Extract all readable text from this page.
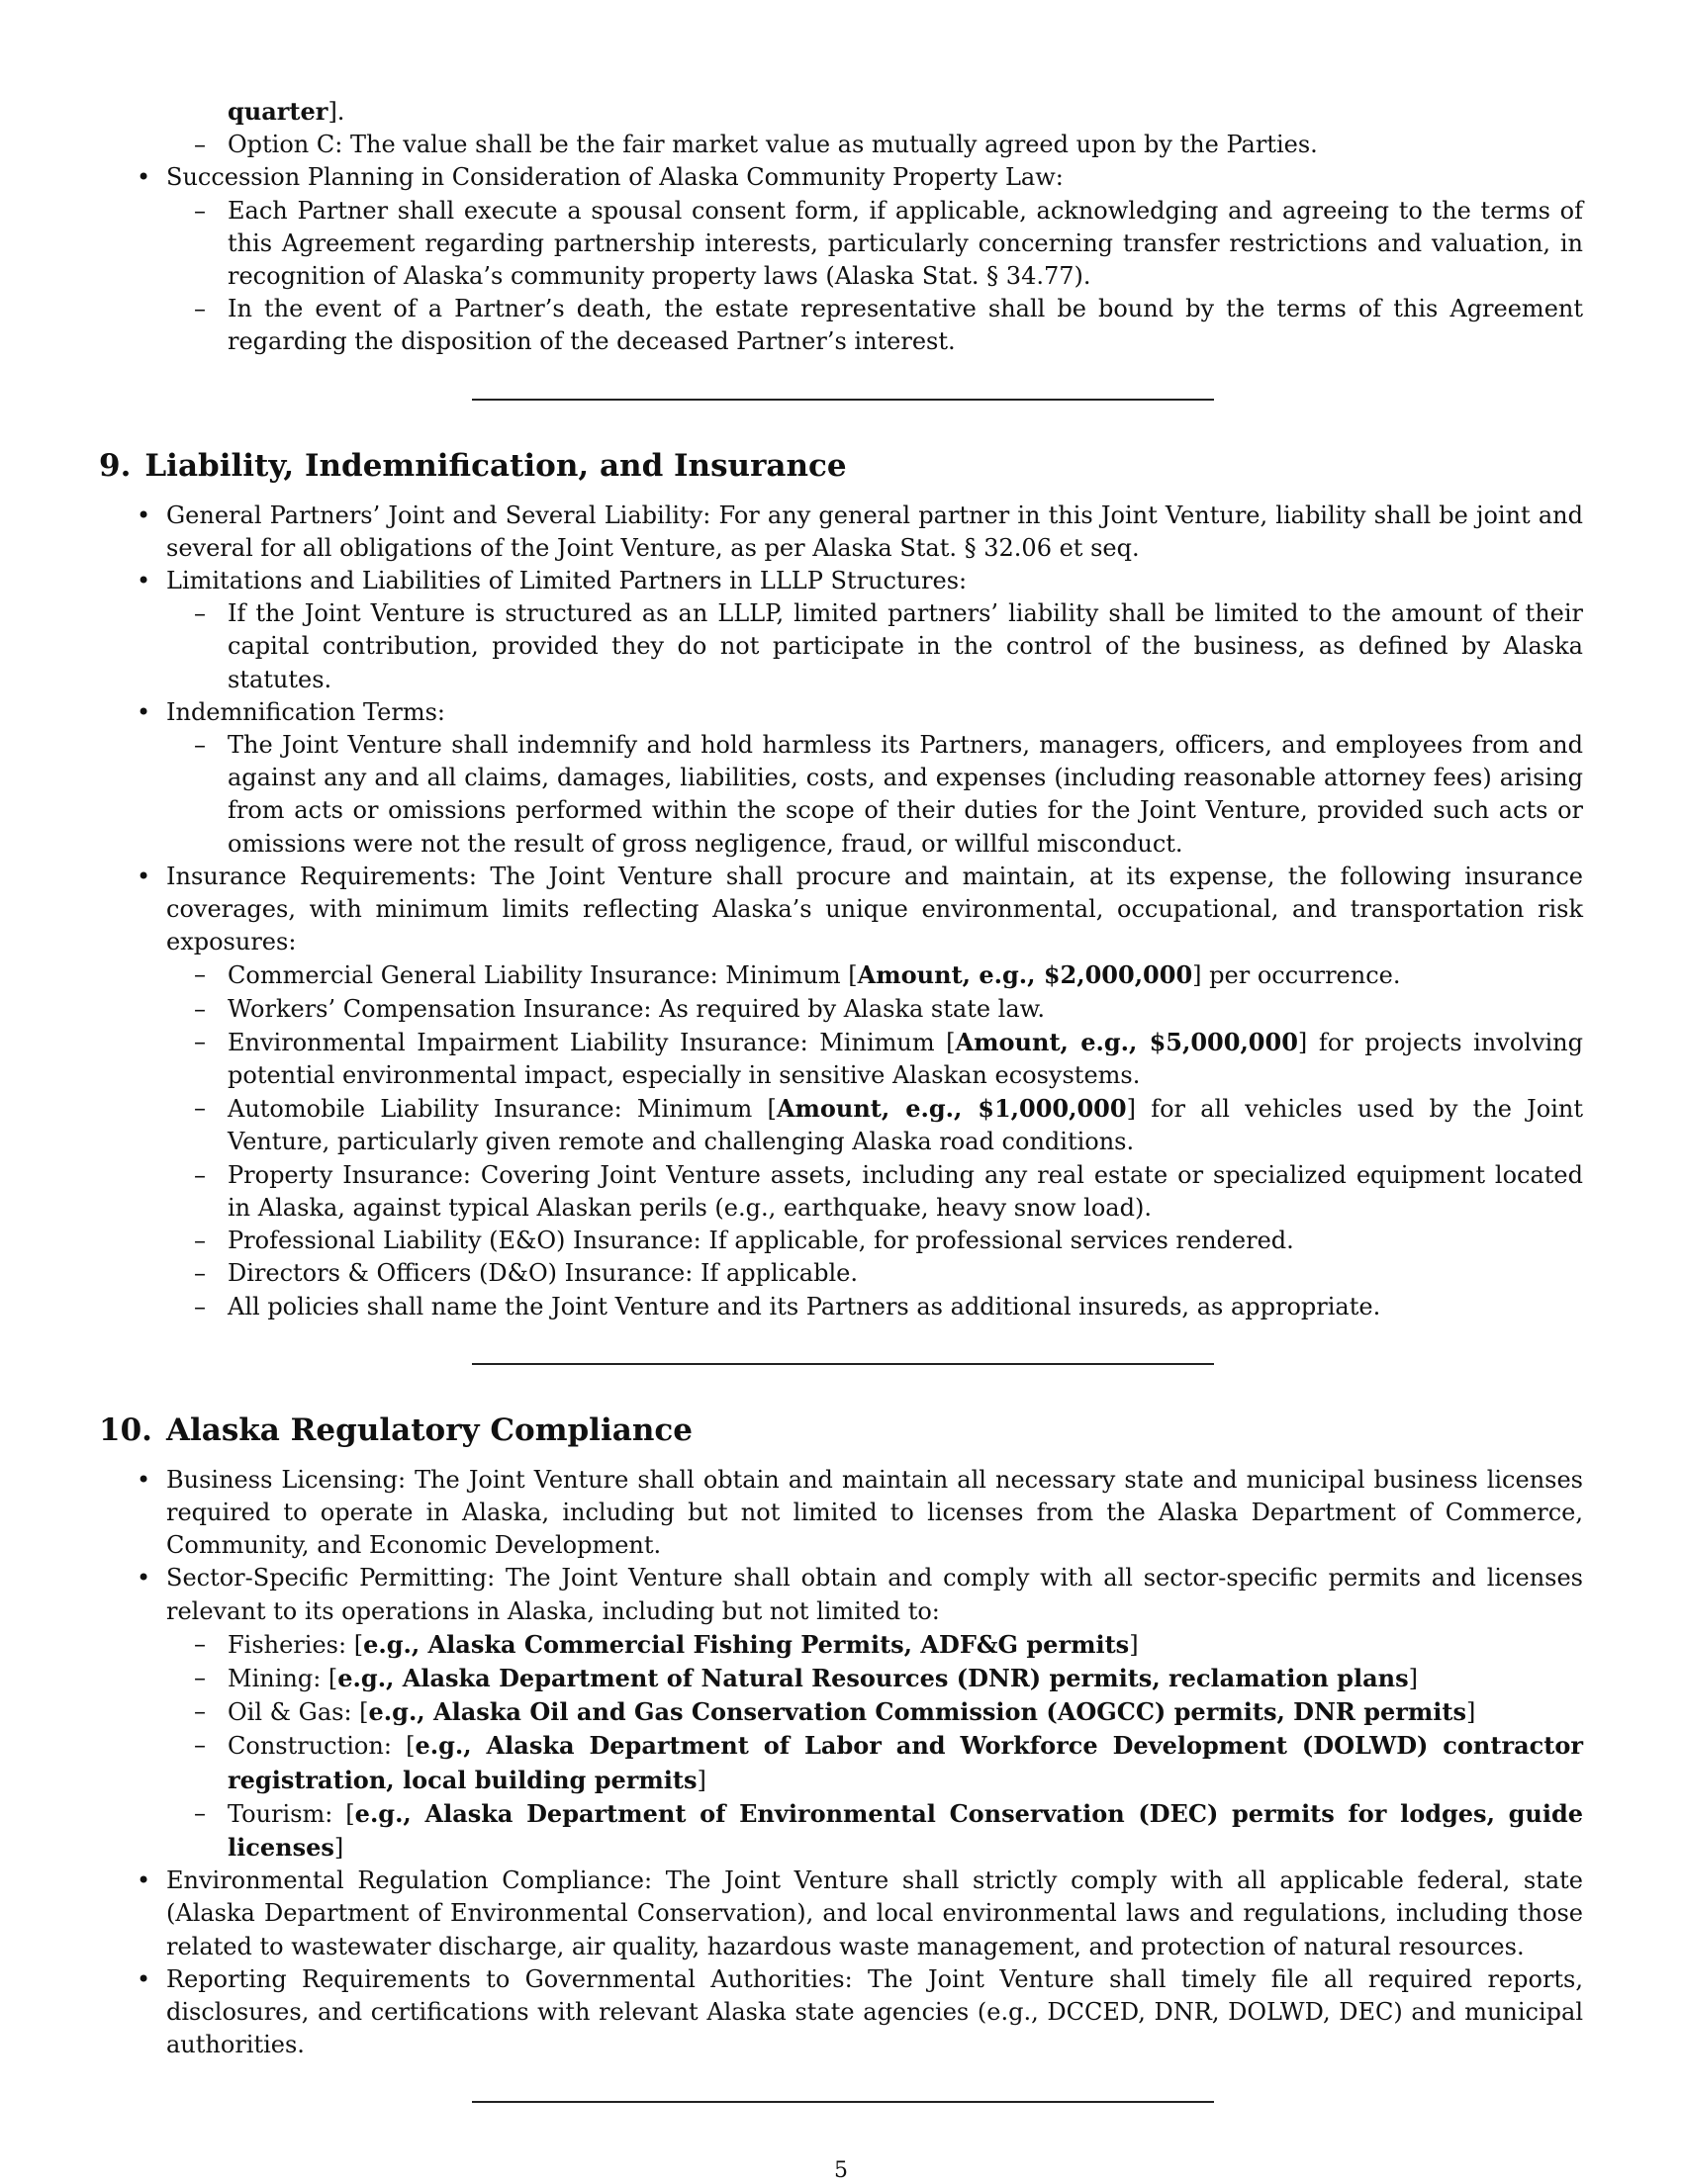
quarter].
– Option C: The value shall be the fair market value as mutually agreed upon by the Parties.
• Succession Planning in Consideration of Alaska Community Property Law:
– Each Partner shall execute a spousal consent form, if applicable, acknowledging and agreeing to the terms of this Agreement regarding partnership interests, particularly concerning transfer restrictions and valuation, in recognition of Alaska’s community property laws (Alaska Stat. § 34.77).
– In the event of a Partner’s death, the estate representative shall be bound by the terms of this Agreement regarding the disposition of the deceased Partner’s interest.
9. Liability, Indemnification, and Insurance
• General Partners’ Joint and Several Liability: For any general partner in this Joint Venture, liability shall be joint and several for all obligations of the Joint Venture, as per Alaska Stat. § 32.06 et seq.
• Limitations and Liabilities of Limited Partners in LLLP Structures:
– If the Joint Venture is structured as an LLLP, limited partners’ liability shall be limited to the amount of their capital contribution, provided they do not participate in the control of the business, as defined by Alaska statutes.
• Indemnification Terms:
– The Joint Venture shall indemnify and hold harmless its Partners, managers, officers, and employees from and against any and all claims, damages, liabilities, costs, and expenses (including reasonable attorney fees) arising from acts or omissions performed within the scope of their duties for the Joint Venture, provided such acts or omissions were not the result of gross negligence, fraud, or willful misconduct.
• Insurance Requirements: The Joint Venture shall procure and maintain, at its expense, the following insurance coverages, with minimum limits reflecting Alaska’s unique environmental, occupational, and transportation risk exposures:
– Commercial General Liability Insurance: Minimum [Amount, e.g., $2,000,000] per occurrence.
– Workers’ Compensation Insurance: As required by Alaska state law.
– Environmental Impairment Liability Insurance: Minimum [Amount, e.g., $5,000,000] for projects involving potential environmental impact, especially in sensitive Alaskan ecosystems.
– Automobile Liability Insurance: Minimum [Amount, e.g., $1,000,000] for all vehicles used by the Joint Venture, particularly given remote and challenging Alaska road conditions.
– Property Insurance: Covering Joint Venture assets, including any real estate or specialized equipment located in Alaska, against typical Alaskan perils (e.g., earthquake, heavy snow load).
– Professional Liability (E&O) Insurance: If applicable, for professional services rendered.
– Directors & Officers (D&O) Insurance: If applicable.
– All policies shall name the Joint Venture and its Partners as additional insureds, as appropriate.
10. Alaska Regulatory Compliance
• Business Licensing: The Joint Venture shall obtain and maintain all necessary state and municipal business licenses required to operate in Alaska, including but not limited to licenses from the Alaska Department of Commerce, Community, and Economic Development.
• Sector-Specific Permitting: The Joint Venture shall obtain and comply with all sector-specific permits and licenses relevant to its operations in Alaska, including but not limited to:
– Fisheries: [e.g., Alaska Commercial Fishing Permits, ADF&G permits]
– Mining: [e.g., Alaska Department of Natural Resources (DNR) permits, reclamation plans]
– Oil & Gas: [e.g., Alaska Oil and Gas Conservation Commission (AOGCC) permits, DNR permits]
– Construction: [e.g., Alaska Department of Labor and Workforce Development (DOLWD) contractor registration, local building permits]
– Tourism: [e.g., Alaska Department of Environmental Conservation (DEC) permits for lodges, guide licenses]
• Environmental Regulation Compliance: The Joint Venture shall strictly comply with all applicable federal, state (Alaska Department of Environmental Conservation), and local environmental laws and regulations, including those related to wastewater discharge, air quality, hazardous waste management, and protection of natural resources.
• Reporting Requirements to Governmental Authorities: The Joint Venture shall timely file all required reports, disclosures, and certifications with relevant Alaska state agencies (e.g., DCCED, DNR, DOLWD, DEC) and municipal authorities.
5
